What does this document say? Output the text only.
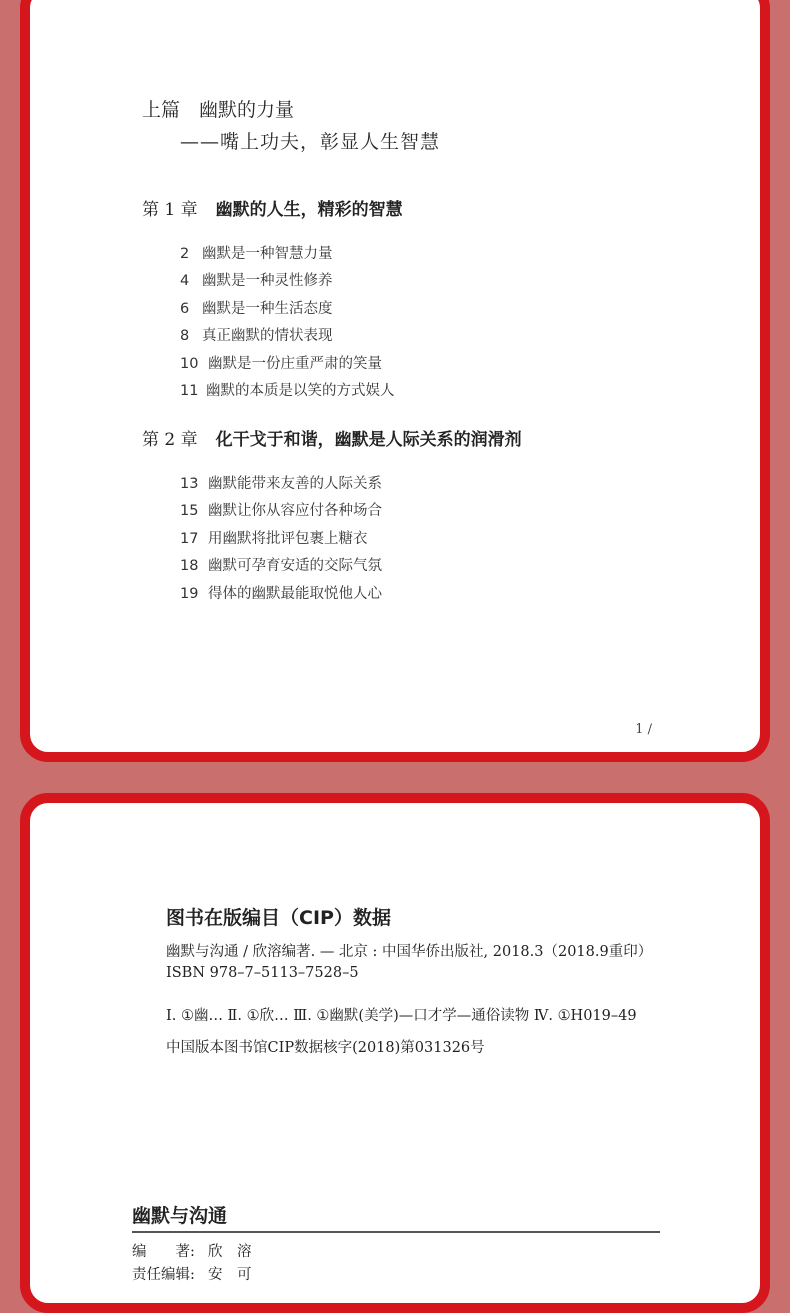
上篇　幽默的力量
——嘴上功夫，彰显人生智慧
第 1 章 幽默的人生，精彩的智慧
2 幽默是一种智慧力量
4 幽默是一种灵性修养
6 幽默是一种生活态度
8 真正幽默的情状表现
10 幽默是一份庄重严肃的笑量
11 幽默的本质是以笑的方式娱人
第 2 章 化干戈于和谐，幽默是人际关系的润滑剂
13 幽默能带来友善的人际关系
15 幽默让你从容应付各种场合
17 用幽默将批评包裹上糖衣
18 幽默可孕育安适的交际气氛
19 得体的幽默最能取悦他人心
1 /
图书在版编目（CIP）数据
幽默与沟通 / 欣溶编著. — 北京 : 中国华侨出版社, 2018.3（2018.9重印）
ISBN 978–7–5113–7528–5
Ⅰ. ①幽… Ⅱ. ①欣… Ⅲ. ①幽默(美学)—口才学—通俗读物 Ⅳ. ①H019–49
中国版本图书馆CIP数据核字(2018)第031326号
幽默与沟通
编　　著: 欣　溶
责任编辑: 安　可
